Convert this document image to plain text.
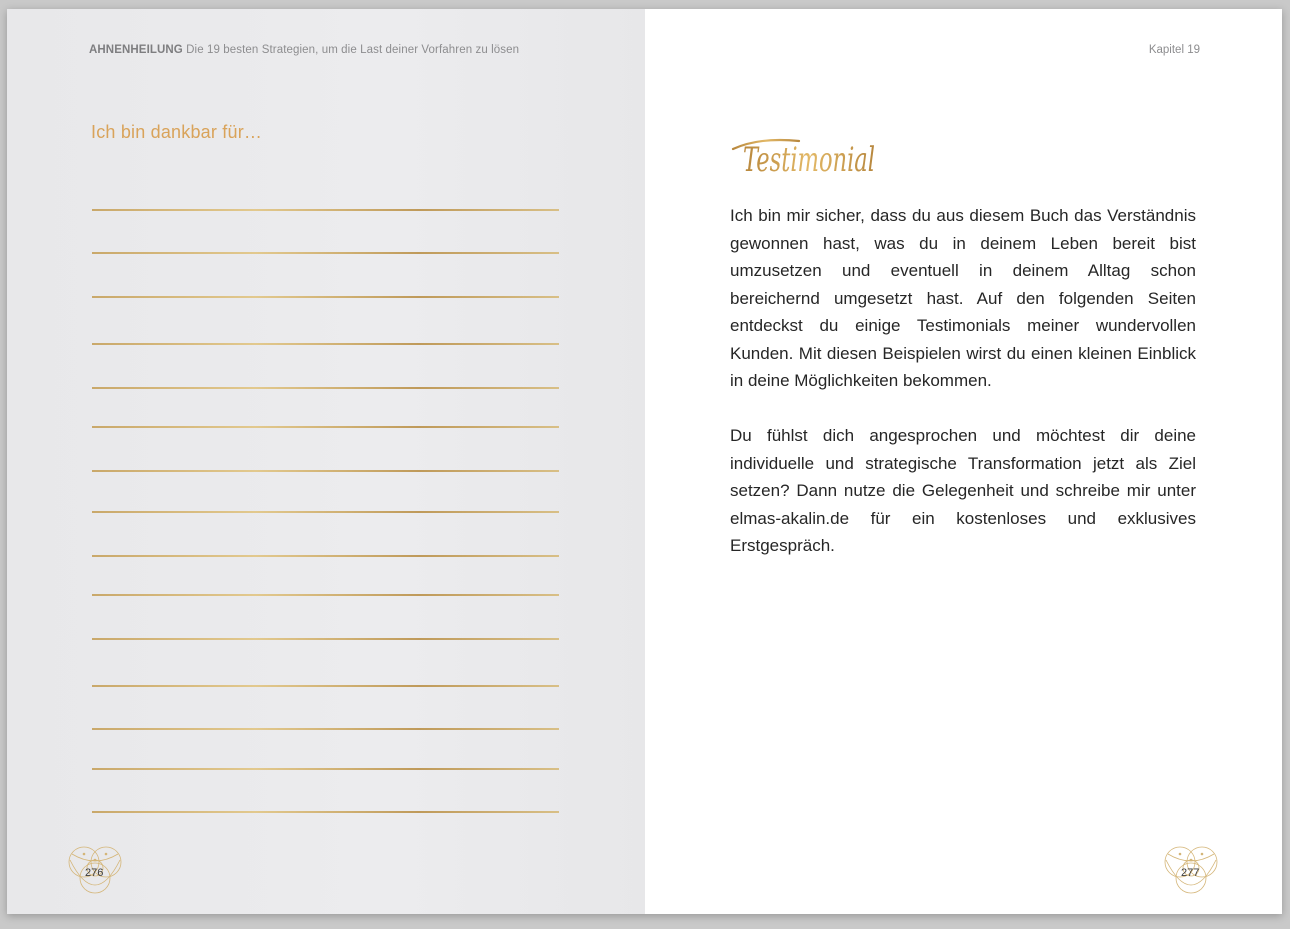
AHNENHEILUNG Die 19 besten Strategien, um die Last deiner Vorfahren zu lösen
Ich bin dankbar für…
276
Kapitel 19
Testimonial

Ich bin mir sicher, dass du aus diesem Buch das Verständnis gewonnen hast, was du in deinem Leben bereit bist umzusetzen und eventuell in deinem Alltag schon bereichernd umgesetzt hast. Auf den folgenden Seiten entdeckst du einige Testimonials meiner wundervollen Kunden. Mit diesen Beispielen wirst du einen kleinen Einblick in deine Möglichkeiten bekommen.

Du fühlst dich angesprochen und möchtest dir deine individuelle und strategische Transformation jetzt als Ziel setzen? Dann nutze die Gelegenheit und schreibe mir unter elmas-akalin.de für ein kostenloses und exklusives Erstgespräch.

277
